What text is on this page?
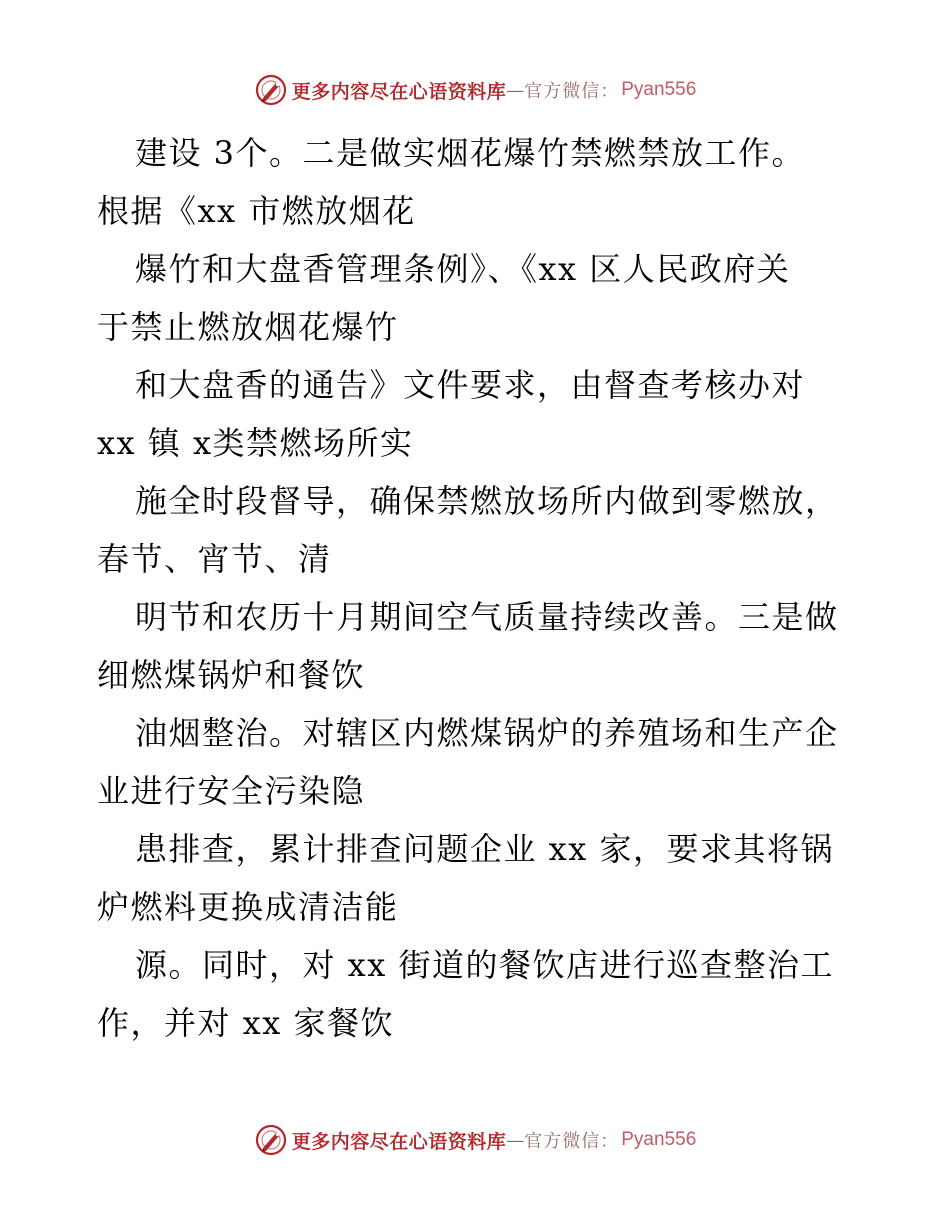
更多内容尽在心语资料库 — 官方微信： Pyan556
建设 3个。二是做实烟花爆竹禁燃禁放工作。
根据《xx 市燃放烟花
爆竹和大盘香管理条例》、《xx 区人民政府关
于禁止燃放烟花爆竹
和大盘香的通告》文件要求，由督查考核办对
xx 镇 x类禁燃场所实
施全时段督导，确保禁燃放场所内做到零燃放，
春节、宵节、清
明节和农历十月期间空气质量持续改善。三是做
细燃煤锅炉和餐饮
油烟整治。对辖区内燃煤锅炉的养殖场和生产企
业进行安全污染隐
患排查，累计排查问题企业 xx 家，要求其将锅
炉燃料更换成清洁能
源。同时，对 xx 街道的餐饮店进行巡查整治工
作，并对 xx 家餐饮
更多内容尽在心语资料库 — 官方微信： Pyan556
